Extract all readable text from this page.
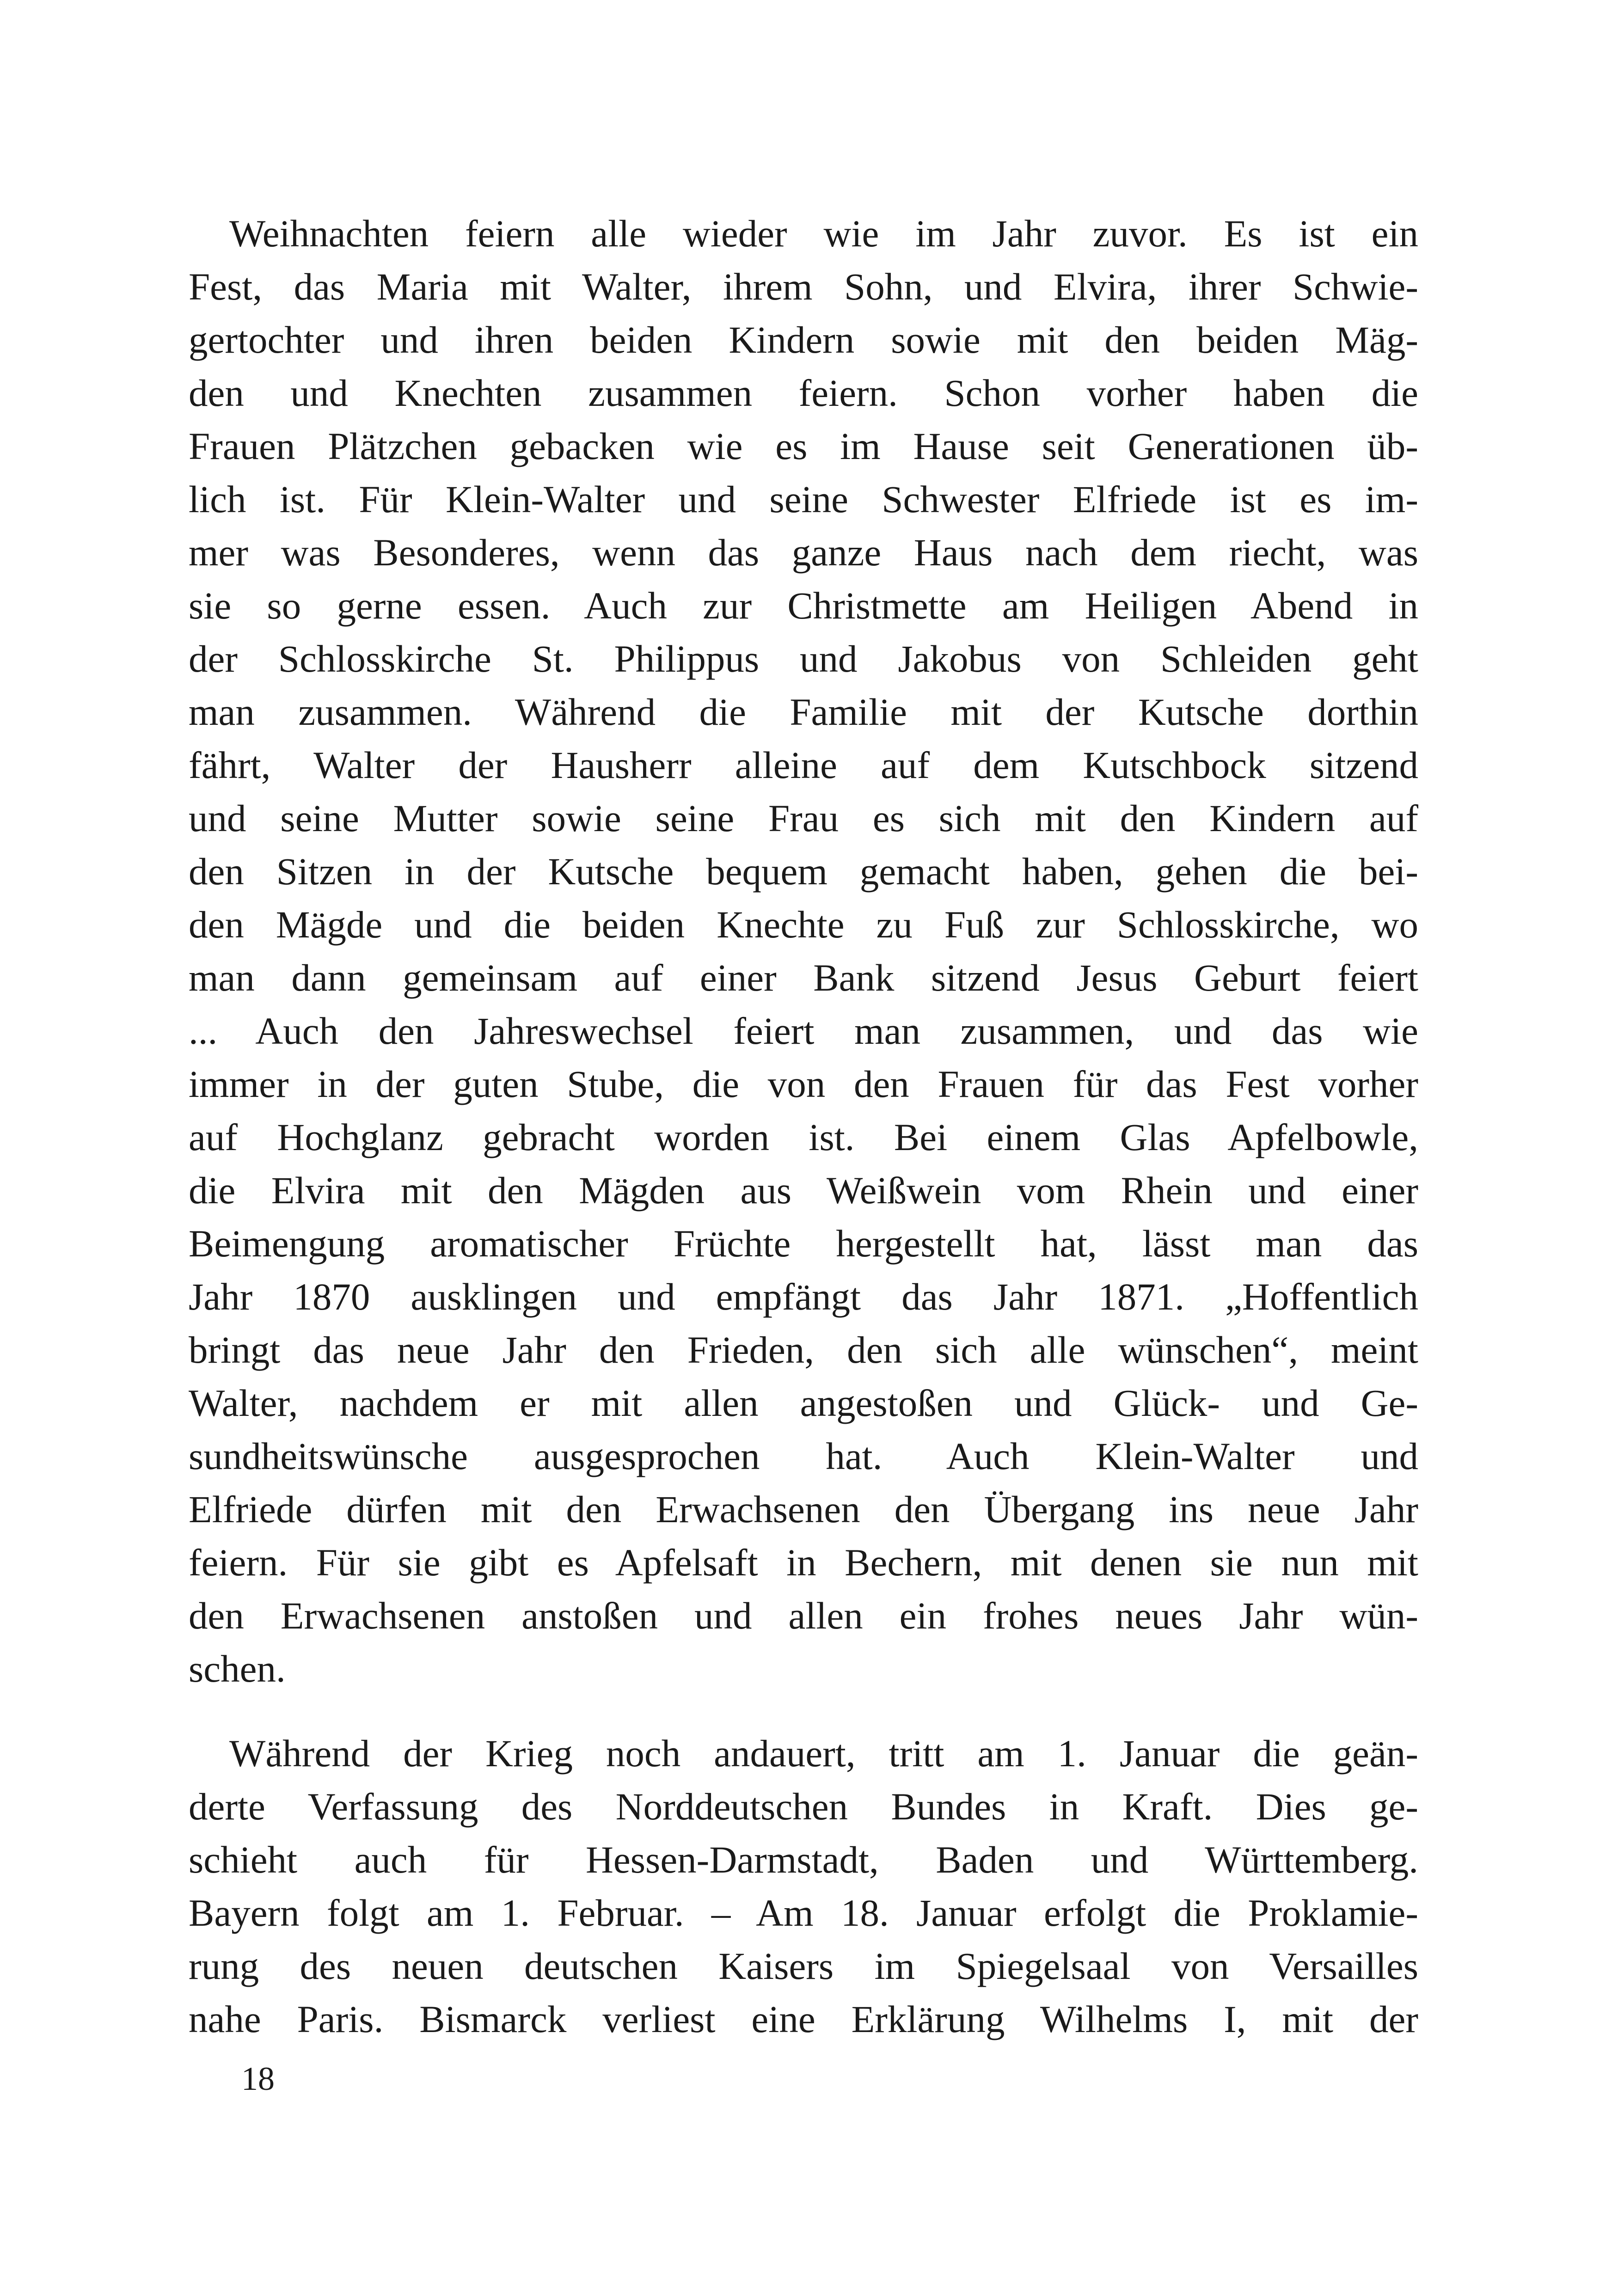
Weihnachten feiern alle wieder wie im Jahr zuvor. Es ist ein
Fest, das Maria mit Walter, ihrem Sohn, und Elvira, ihrer Schwie-
gertochter und ihren beiden Kindern sowie mit den beiden Mäg-
den und Knechten zusammen feiern. Schon vorher haben die
Frauen Plätzchen gebacken wie es im Hause seit Generationen üb-
lich ist. Für Klein-Walter und seine Schwester Elfriede ist es im-
mer was Besonderes, wenn das ganze Haus nach dem riecht, was
sie so gerne essen. Auch zur Christmette am Heiligen Abend in
der Schlosskirche St. Philippus und Jakobus von Schleiden geht
man zusammen. Während die Familie mit der Kutsche dorthin
fährt, Walter der Hausherr alleine auf dem Kutschbock sitzend
und seine Mutter sowie seine Frau es sich mit den Kindern auf
den Sitzen in der Kutsche bequem gemacht haben, gehen die bei-
den Mägde und die beiden Knechte zu Fuß zur Schlosskirche, wo
man dann gemeinsam auf einer Bank sitzend Jesus Geburt feiert
... Auch den Jahreswechsel feiert man zusammen, und das wie
immer in der guten Stube, die von den Frauen für das Fest vorher
auf Hochglanz gebracht worden ist. Bei einem Glas Apfelbowle,
die Elvira mit den Mägden aus Weißwein vom Rhein und einer
Beimengung aromatischer Früchte hergestellt hat, lässt man das
Jahr 1870 ausklingen und empfängt das Jahr 1871. „Hoffentlich
bringt das neue Jahr den Frieden, den sich alle wünschen“, meint
Walter, nachdem er mit allen angestoßen und Glück- und Ge-
sundheitswünsche ausgesprochen hat. Auch Klein-Walter und
Elfriede dürfen mit den Erwachsenen den Übergang ins neue Jahr
feiern. Für sie gibt es Apfelsaft in Bechern, mit denen sie nun mit
den Erwachsenen anstoßen und allen ein frohes neues Jahr wün-
schen.

Während der Krieg noch andauert, tritt am 1. Januar die geän-
derte Verfassung des Norddeutschen Bundes in Kraft. Dies ge-
schieht auch für Hessen-Darmstadt, Baden und Württemberg.
Bayern folgt am 1. Februar. – Am 18. Januar erfolgt die Proklamie-
rung des neuen deutschen Kaisers im Spiegelsaal von Versailles
nahe Paris. Bismarck verliest eine Erklärung Wilhelms I, mit der

18
